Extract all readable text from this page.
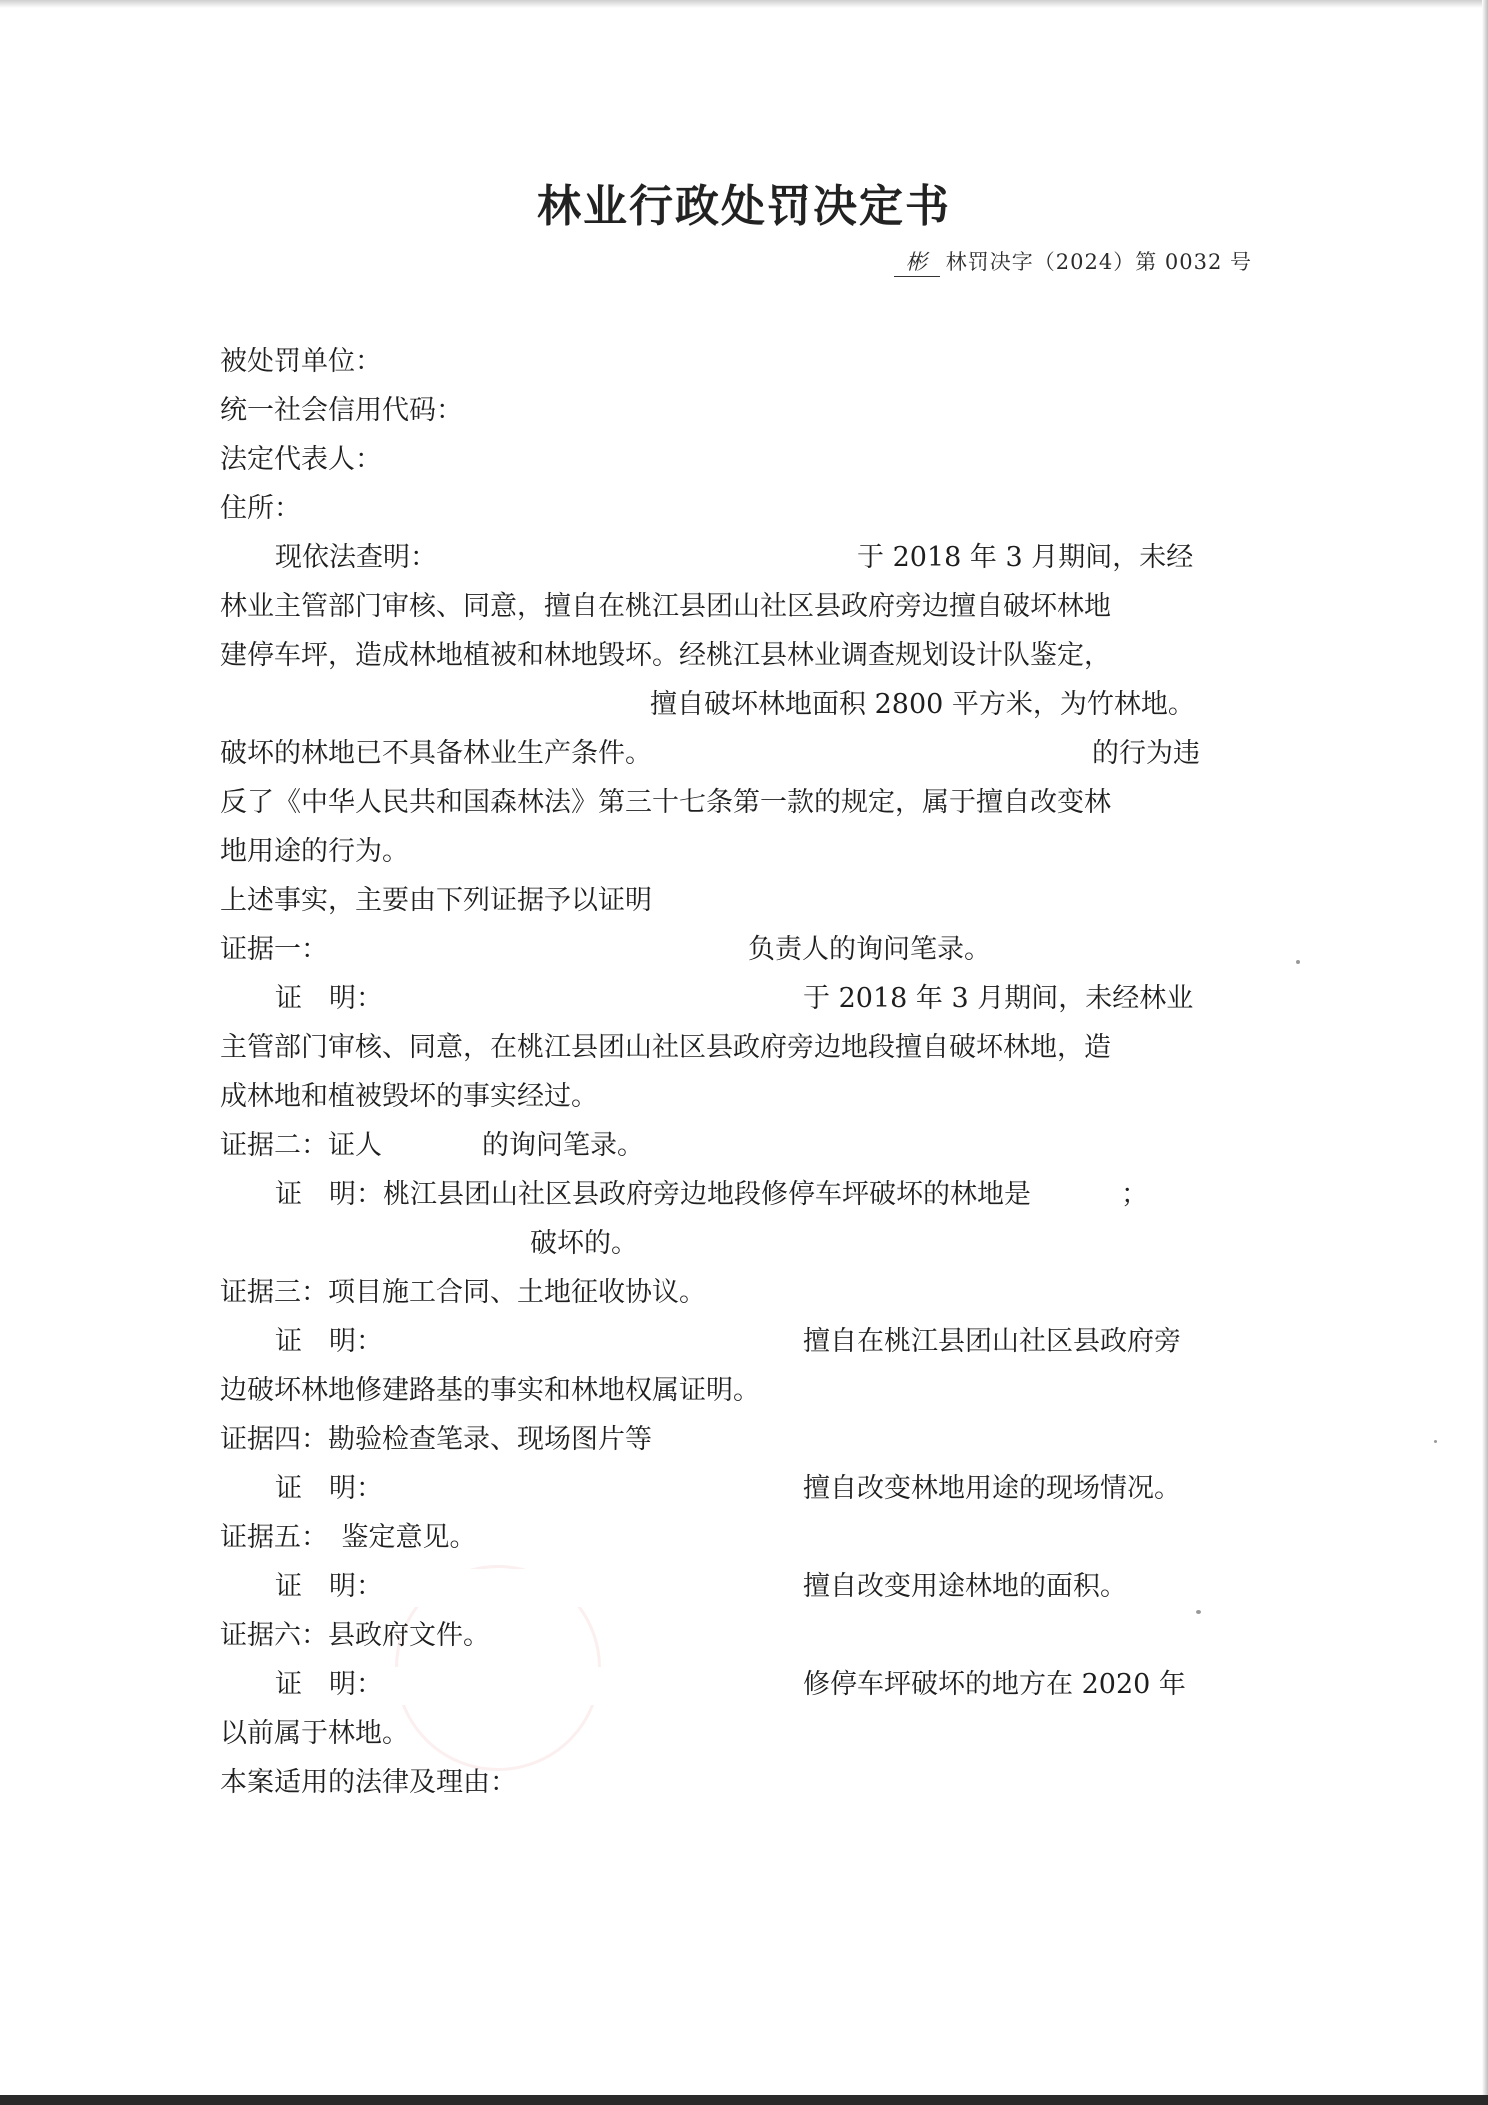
林业行政处罚决定书
彬 林罚决字（2024）第 0032 号
被处罚单位：
统一社会信用代码：
法定代表人：
住所：
现依法查明：	于 2018 年 3 月期间，未经
林业主管部门审核、同意，擅自在桃江县团山社区县政府旁边擅自破坏林地
建停车坪，造成林地植被和林地毁坏。经桃江县林业调查规划设计队鉴定，
擅自破坏林地面积 2800 平方米，为竹林地。
破坏的林地已不具备林业生产条件。	的行为违
反了《中华人民共和国森林法》第三十七条第一款的规定，属于擅自改变林
地用途的行为。
上述事实，主要由下列证据予以证明
证据一：	负责人的询问笔录。
证　明：	于 2018 年 3 月期间，未经林业
主管部门审核、同意，在桃江县团山社区县政府旁边地段擅自破坏林地，造
成林地和植被毁坏的事实经过。
证据二：证人	的询问笔录。
证　明：桃江县团山社区县政府旁边地段修停车坪破坏的林地是	；
破坏的。
证据三：项目施工合同、土地征收协议。
证　明：	擅自在桃江县团山社区县政府旁
边破坏林地修建路基的事实和林地权属证明。
证据四：勘验检查笔录、现场图片等
证　明：	擅自改变林地用途的现场情况。
证据五：　鉴定意见。
证　明：	擅自改变用途林地的面积。
证据六：县政府文件。
证　明：	修停车坪破坏的地方在 2020 年
以前属于林地。
本案适用的法律及理由：
